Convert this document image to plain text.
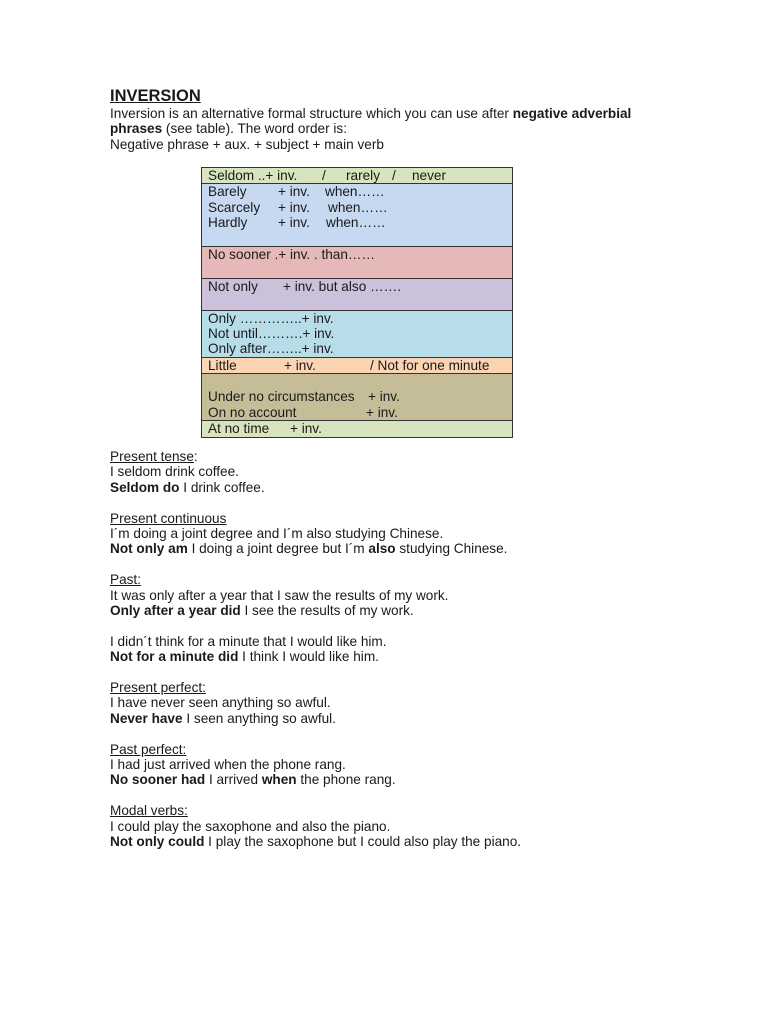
INVERSION

Inversion is an alternative formal structure which you can use after negative adverbial

phrases (see table). The word order is:

Negative phrase + aux. + subject + main verb

Seldom ..+ inv. / rarely / never
Barely + inv. when……
Scarcely + inv. when……
Hardly + inv. when……
No sooner .+ inv. . than……
Not only + inv. but also …….
Only …………..+ inv.
Not until……….+ inv.
Only after……..+ inv.
Little	+ inv.	/ Not for one minute
Under no circumstances + inv.
On no account	+ inv.
At no time + inv.

Present tense:

I seldom drink coffee.

Seldom do I drink coffee.

Present continuous

I´m doing a joint degree and I´m also studying Chinese.

Not only am I doing a joint degree but I´m also studying Chinese.

Past:

It was only after a year that I saw the results of my work.

Only after a year did I see the results of my work.

I didn´t think for a minute that I would like him.

Not for a minute did I think I would like him.

Present perfect:

I have never seen anything so awful.

Never have I seen anything so awful.

Past perfect:

I had just arrived when the phone rang.

No sooner had I arrived when the phone rang.

Modal verbs:

I could play the saxophone and also the piano.

Not only could I play the saxophone but I could also play the piano.
